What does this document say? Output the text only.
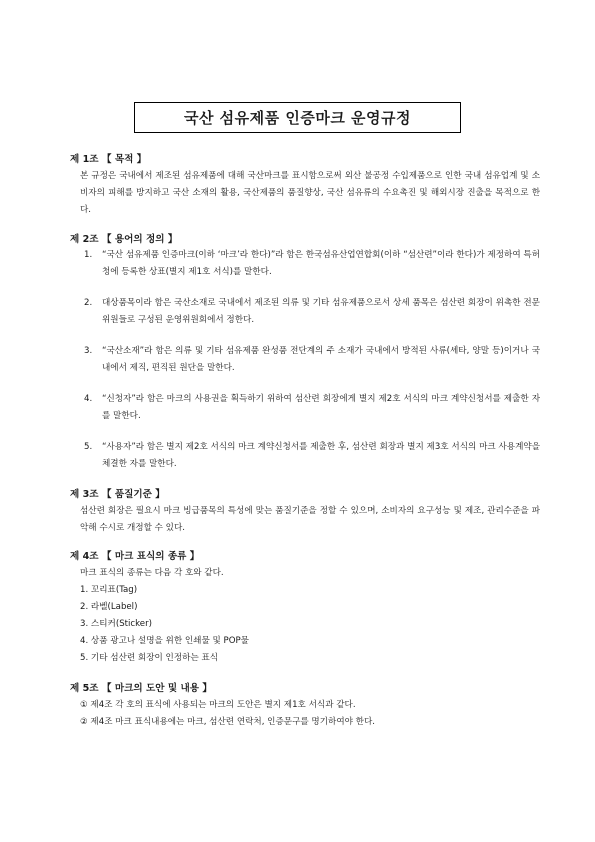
국산 섬유제품 인증마크 운영규정
제 1조 【 목적 】
본 규정은 국내에서 제조된 섬유제품에 대해 국산마크를 표시함으로써 외산 불공정 수입제품으로 인한 국내 섬유업계 및 소비자의 피해를 방지하고 국산 소재의 활용, 국산제품의 품질향상, 국산 섬유류의 수요촉진 및 해외시장 진출을 목적으로 한다.
제 2조 【 용어의 정의 】
1. “국산 섬유제품 인증마크(이하 ‘마크’라 한다)”라 함은 한국섬유산업연합회(이하 “섬산련”이라 한다)가 제정하여 특허청에 등록한 상표(별지 제1호 서식)를 말한다.
2. 대상품목이라 함은 국산소재로 국내에서 제조된 의류 및 기타 섬유제품으로서 상세 품목은 섬산련 회장이 위촉한 전문위원들로 구성된 운영위원회에서 정한다.
3. “국산소재”라 함은 의류 및 기타 섬유제품 완성품 전단계의 주 소재가 국내에서 방적된 사류(셰타, 양말 등)이거나 국내에서 제직, 편직된 원단을 말한다.
4. “신청자”라 함은 마크의 사용권을 획득하기 위하여 섬산련 회장에게 별지 제2호 서식의 마크 계약신청서를 제출한 자를 말한다.
5. “사용자”라 함은 별지 제2호 서식의 마크 계약신청서를 제출한 후, 섬산련 회장과 별지 제3호 서식의 마크 사용계약을 체결한 자를 말한다.
제 3조 【 품질기준 】
섬산련 회장은 필요시 마크 빙급품목의 특성에 맞는 품질기준을 정할 수 있으며, 소비자의 요구성능 및 제조, 관리수준을 파악해 수시로 개정할 수 있다.
제 4조 【 마크 표식의 종류 】
마크 표식의 종류는 다음 각 호와 같다.
1. 꼬리표(Tag)
2. 라벨(Label)
3. 스티커(Sticker)
4. 상품 광고나 설명을 위한 인쇄물 및 POP물
5. 기타 섬산련 회장이 인정하는 표식
제 5조 【 마크의 도안 및 내용 】
① 제4조 각 호의 표식에 사용되는 마크의 도안은 별지 제1호 서식과 같다.
② 제4조 마크 표식내용에는 마크, 섬산련 연락처, 인증문구를 명기하여야 한다.
